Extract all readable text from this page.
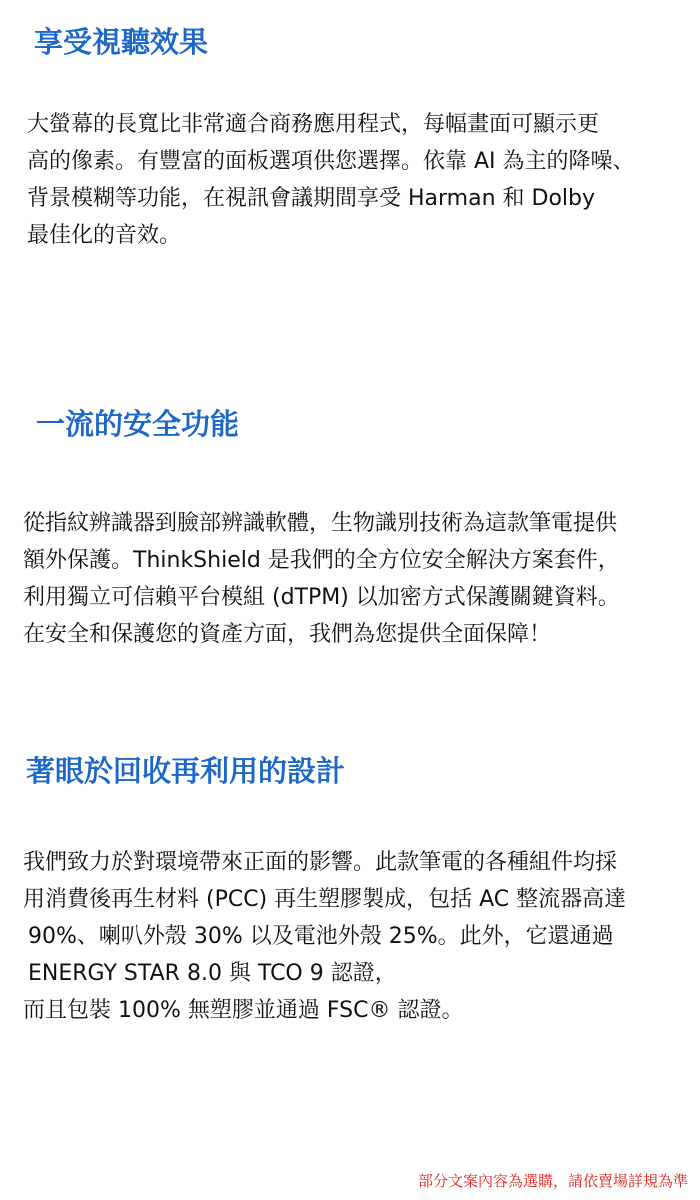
享受視聽效果
大螢幕的長寬比非常適合商務應用程式，每幅畫面可顯示更
高的像素。有豐富的面板選項供您選擇。依靠 AI 為主的降噪、
背景模糊等功能，在視訊會議期間享受 Harman 和 Dolby
最佳化的音效。
一流的安全功能
從指紋辨識器到臉部辨識軟體，生物識別技術為這款筆電提供
額外保護。ThinkShield 是我們的全方位安全解決方案套件，
利用獨立可信賴平台模組 (dTPM) 以加密方式保護關鍵資料。
在安全和保護您的資產方面，我們為您提供全面保障！
著眼於回收再利用的設計
我們致力於對環境帶來正面的影響。此款筆電的各種組件均採
用消費後再生材料 (PCC) 再生塑膠製成，包括 AC 整流器高達
90%、喇叭外殼 30% 以及電池外殼 25%。此外，它還通過
ENERGY STAR 8.0 與 TCO 9 認證，
而且包裝 100% 無塑膠並通過 FSC® 認證。

部分文案內容為選購，請依賣場詳規為準
